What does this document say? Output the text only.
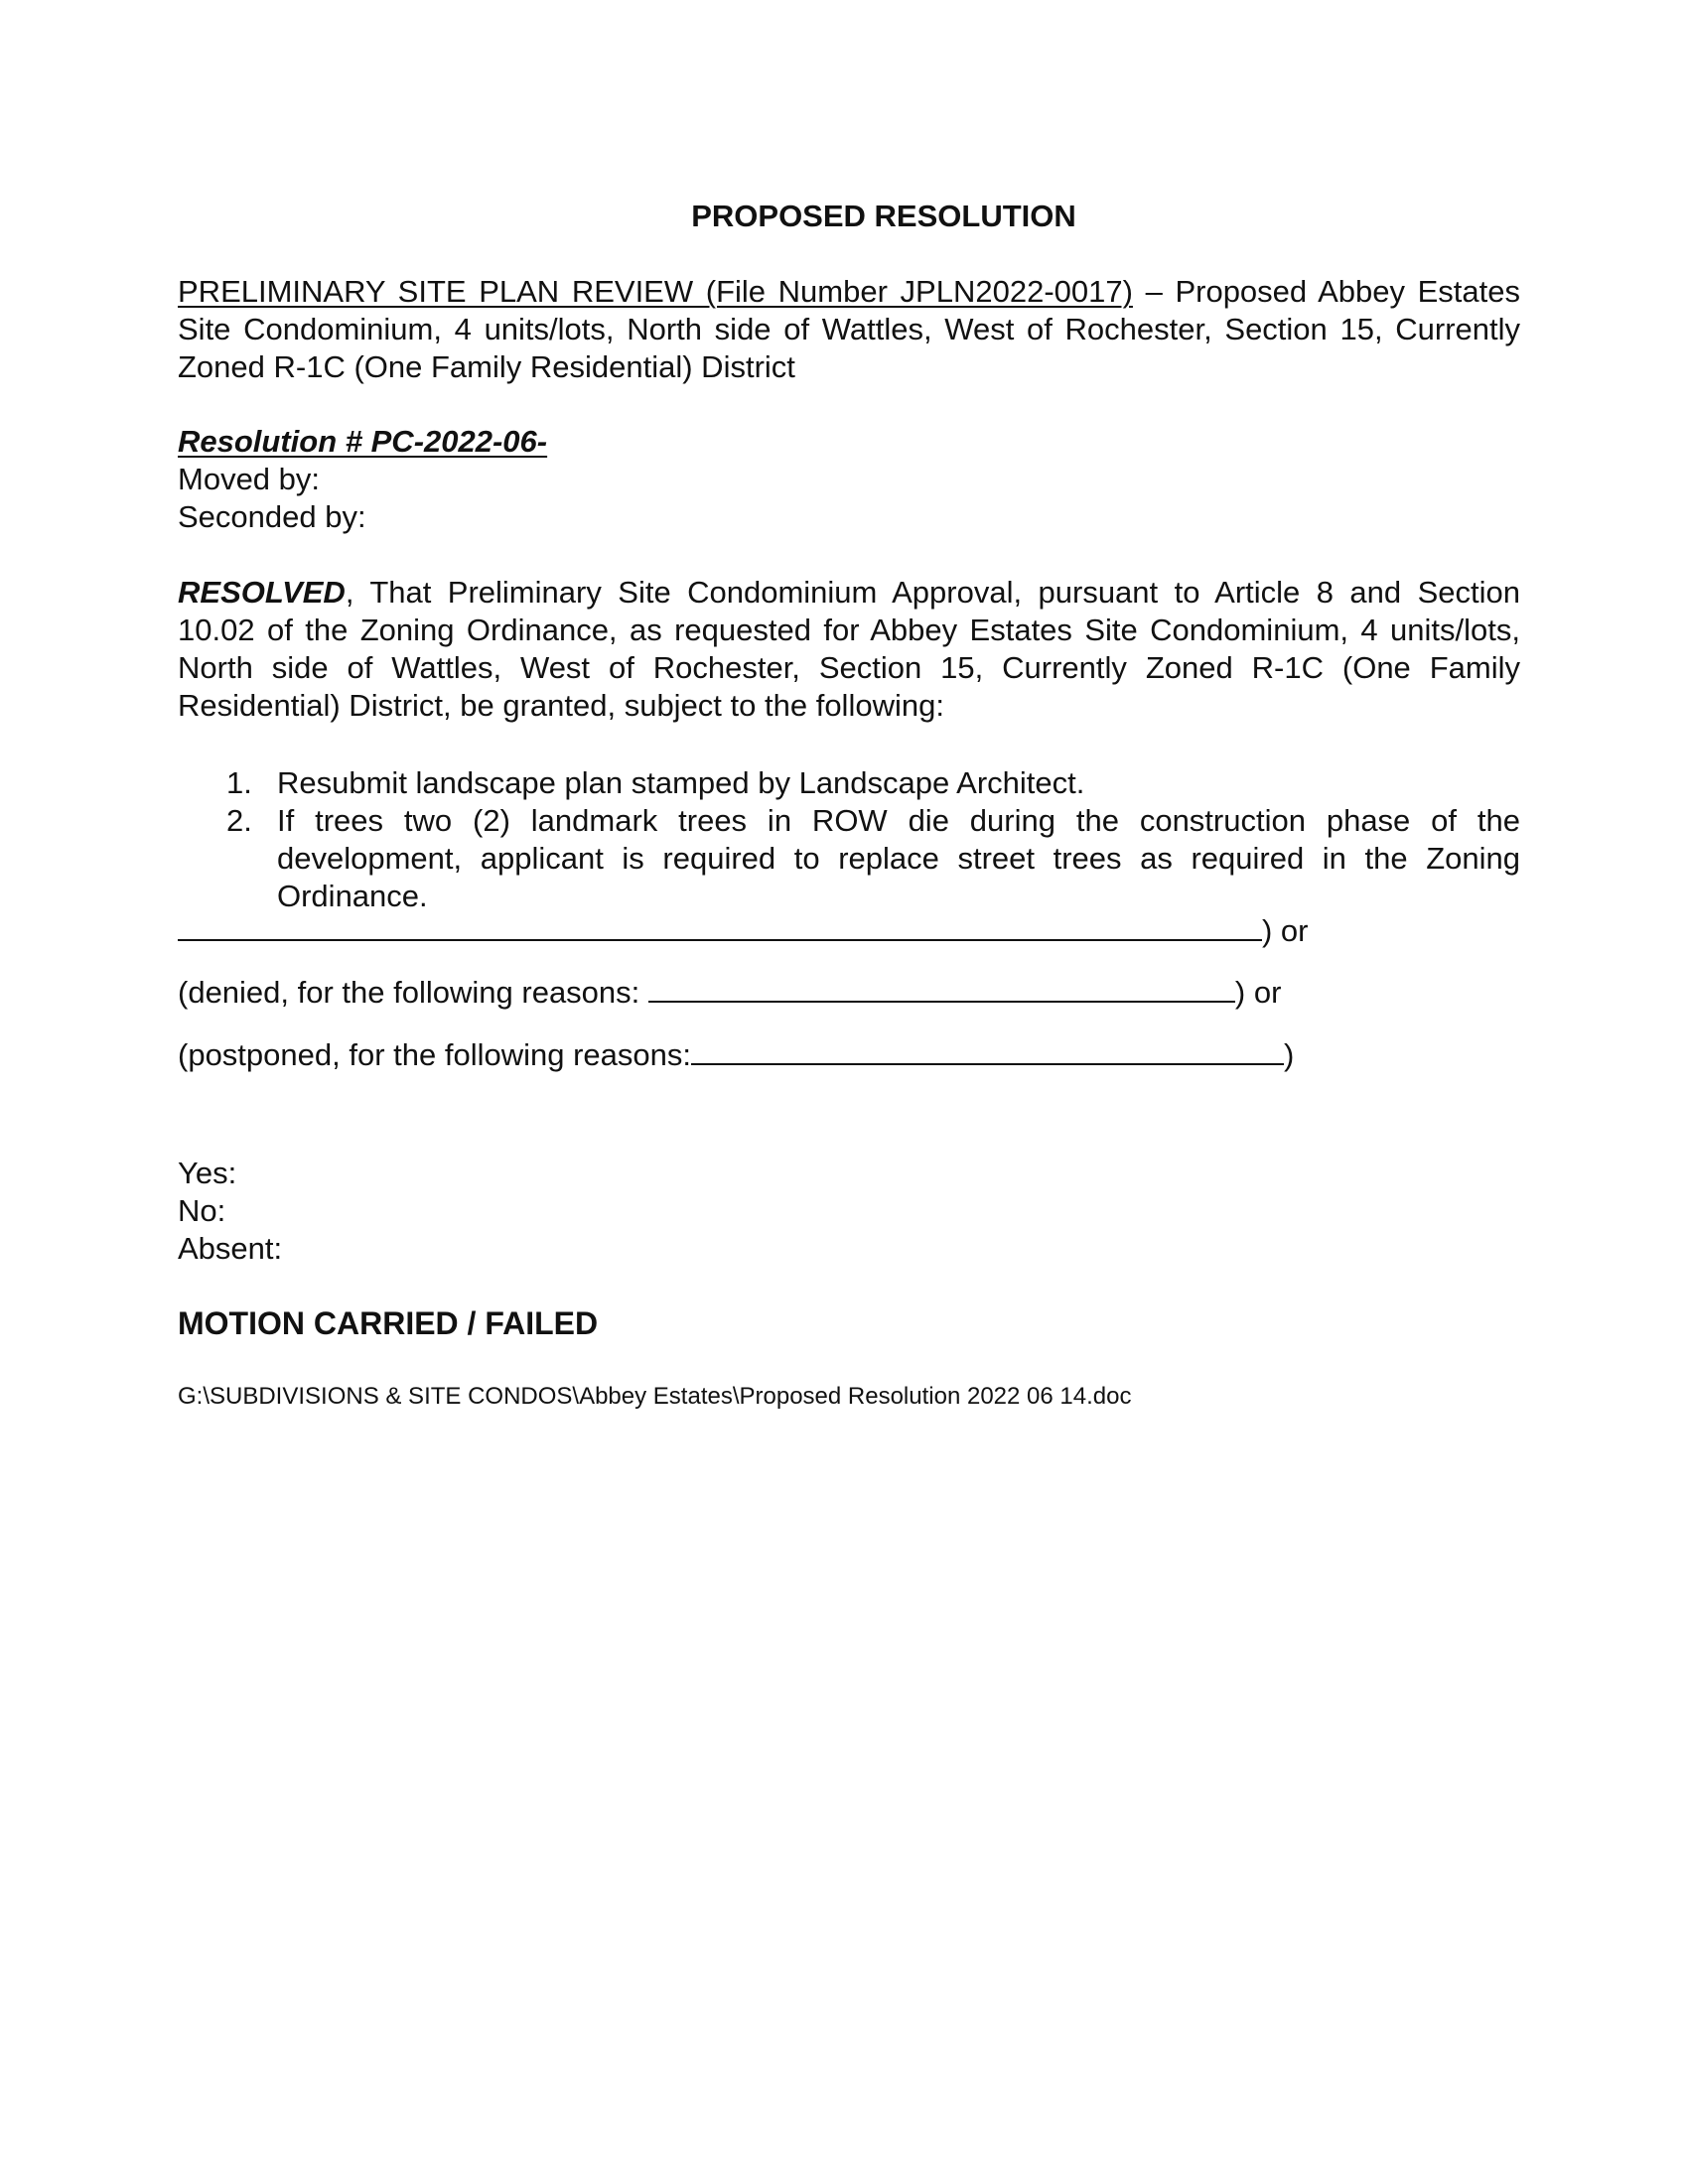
PROPOSED RESOLUTION
PRELIMINARY SITE PLAN REVIEW (File Number JPLN2022-0017) – Proposed Abbey Estates Site Condominium, 4 units/lots, North side of Wattles, West of Rochester, Section 15, Currently Zoned R-1C (One Family Residential) District
Resolution # PC-2022-06-
Moved by:
Seconded by:
RESOLVED, That Preliminary Site Condominium Approval, pursuant to Article 8 and Section 10.02 of the Zoning Ordinance, as requested for Abbey Estates Site Condominium, 4 units/lots, North side of Wattles, West of Rochester, Section 15, Currently Zoned R-1C (One Family Residential) District, be granted, subject to the following:
1. Resubmit landscape plan stamped by Landscape Architect.
2. If trees two (2) landmark trees in ROW die during the construction phase of the development, applicant is required to replace street trees as required in the Zoning Ordinance.
) or
(denied, for the following reasons:	) or
(postponed, for the following reasons:	)
Yes:
No:
Absent:
MOTION CARRIED / FAILED
G:\SUBDIVISIONS & SITE CONDOS\Abbey Estates\Proposed Resolution 2022 06 14.doc
